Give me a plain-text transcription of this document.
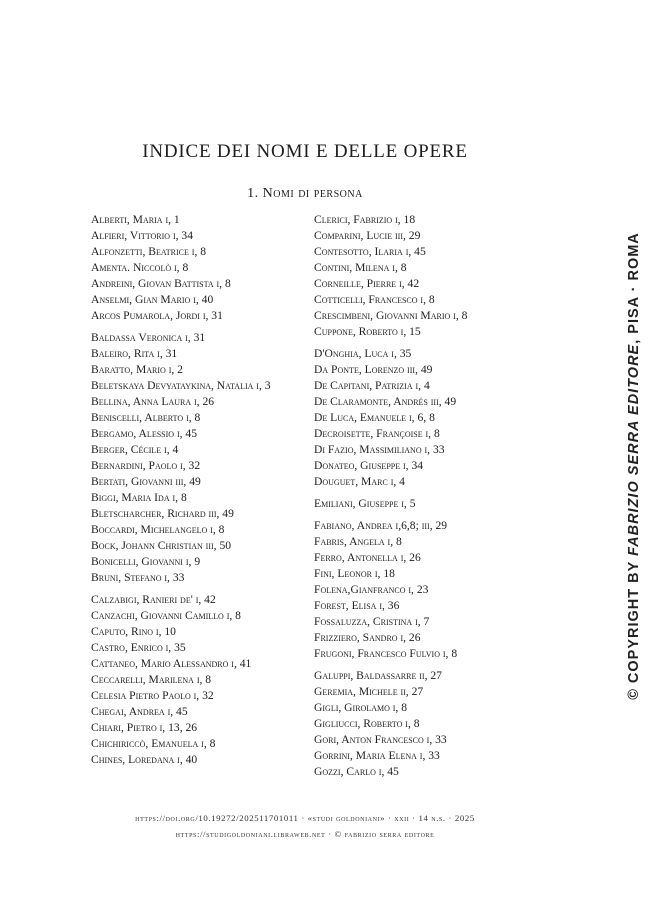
INDICE DEI NOMI E DELLE OPERE
1. Nomi di persona
Alberti, Maria i, 1
Alfieri, Vittorio i, 34
Alfonzetti, Beatrice i, 8
Amenta. Niccolò i, 8
Andreini, Giovan Battista i, 8
Anselmi, Gian Mario i, 40
Arcos Pumarola, Jordi i, 31
Baldassa Veronica i, 31
Baleiro, Rita i, 31
Baratto, Mario i, 2
Beletskaya Devyataykina, Natalia i, 3
Bellina, Anna Laura i, 26
Beniscelli, Alberto i, 8
Bergamo, Alessio i, 45
Berger, Cécile i, 4
Bernardini, Paolo i, 32
Bertati, Giovanni iii, 49
Biggi, Maria Ida i, 8
Bletscharcher, Richard iii, 49
Boccardi, Michelangelo i, 8
Bock, Johann Christian iii, 50
Bonicelli, Giovanni i, 9
Bruni, Stefano i, 33
Calzabigi, Ranieri de' i, 42
Canzachi, Giovanni Camillo i, 8
Caputo, Rino i, 10
Castro, Enrico i, 35
Cattaneo, Mario Alessandro i, 41
Ceccarelli, Marilena i, 8
Celesia Pietro Paolo i, 32
Chegai, Andrea i, 45
Chiari, Pietro i, 13, 26
Chichiriccò, Emanuela i, 8
Chines, Loredana i, 40
Clerici, Fabrizio i, 18
Comparini, Lucie iii, 29
Contesotto, Ilaria i, 45
Contini, Milena i, 8
Corneille, Pierre i, 42
Cotticelli, Francesco i, 8
Crescimbeni, Giovanni Mario i, 8
Cuppone, Roberto i, 15
D'Onghia, Luca i, 35
Da Ponte, Lorenzo iii, 49
De Capitani, Patrizia i, 4
De Claramonte, Andrés iii, 49
De Luca, Emanuele i, 6, 8
Decroisette, Françoise i, 8
Di Fazio, Massimiliano i, 33
Donateo, Giuseppe i, 34
Douguet, Marc i, 4
Emiliani, Giuseppe i, 5
Fabiano, Andrea i,6,8; iii, 29
Fabris, Angela i, 8
Ferro, Antonella i, 26
Fini, Leonor i, 18
Folena,Gianfranco i, 23
Forest, Elisa i, 36
Fossaluzza, Cristina i, 7
Frizziero, Sandro i, 26
Frugoni, Francesco Fulvio i, 8
Galuppi, Baldassarre ii, 27
Geremia, Michele ii, 27
Gigli, Girolamo i, 8
Gigliucci, Roberto i, 8
Gori, Anton Francesco i, 33
Gorrini, Maria Elena i, 33
Gozzi, Carlo i, 45
https://doi.org/10.19272/202511701011 · «studi goldoniani» · xxii · 14 n.s. · 2025
https://studigoldoniani.libraweb.net · © fabrizio serra editore
© COPYRIGHT BY FABRIZIO SERRA EDITORE, PISA · ROMA
